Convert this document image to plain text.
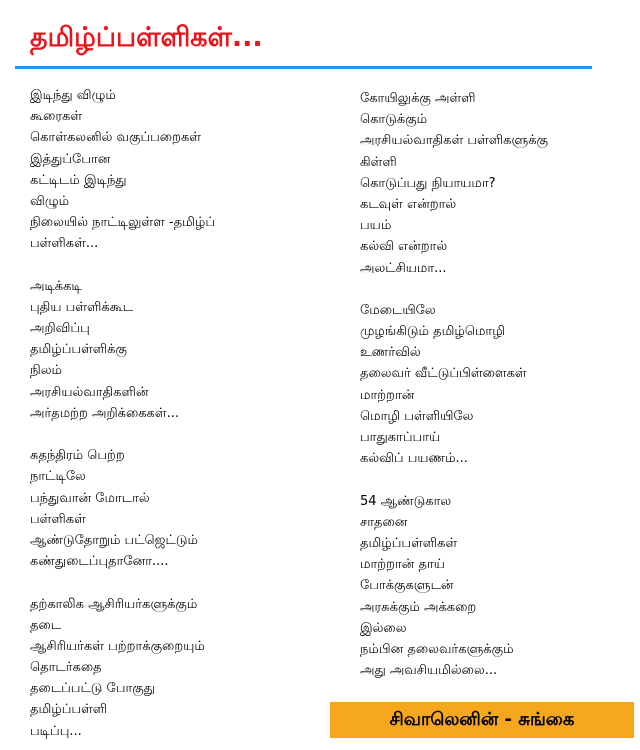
தமிழ்ப்பள்ளிகள்...
இடிந்து விழும்
கூரைகள்
கொள்கலனில் வகுப்பறைகள்
இத்துப்போன
கட்டிடம் இடிந்து
விழும்
நிலையில் நாட்டிலுள்ள -தமிழ்ப்
பள்ளிகள்...
அடிக்கடி
புதிய பள்ளிக்கூட
அறிவிப்பு
தமிழ்ப்பள்ளிக்கு
நிலம்
அரசியல்வாதிகளின்
அர்தமற்ற அறிக்கைகள்...
சுதந்திரம் பெற்ற
நாட்டிலே
பந்துவான் மோடால்
பள்ளிகள்
ஆண்டுதோறும் பட்ஜெட்டும்
கண்துடைப்புதானோ....
தற்காலிக ஆசிரியர்களுக்கும்
தடை
ஆசிரியர்கள் பற்றாக்குறையும்
தொடர்கதை
தடைப்பட்டு போகுது
தமிழ்ப்பள்ளி
படிப்பு...
கோயிலுக்கு அள்ளி
கொடுக்கும்
அரசியல்வாதிகள் பள்ளிகளுக்கு
கிள்ளி
கொடுப்பது நியாயமா?
கடவுள் என்றால்
பயம்
கல்வி என்றால்
அலட்சியமா...
மேடையிலே
முழங்கிடும் தமிழ்மொழி
உணர்வில்
தலைவர் வீட்டுப்பிள்ளைகள்
மாற்றான்
மொழி பள்ளியிலே
பாதுகாப்பாய்
கல்விப் பயணம்...
54 ஆண்டுகால
சாதனை
தமிழ்ப்பள்ளிகள்
மாற்றான் தாய்
போக்குகளுடன்
அரசுக்கும் அக்கறை
இல்லை
நம்பின தலைவர்களுக்கும்
அது அவசியமில்லை...
சிவாலெனின் - சுங்கை
